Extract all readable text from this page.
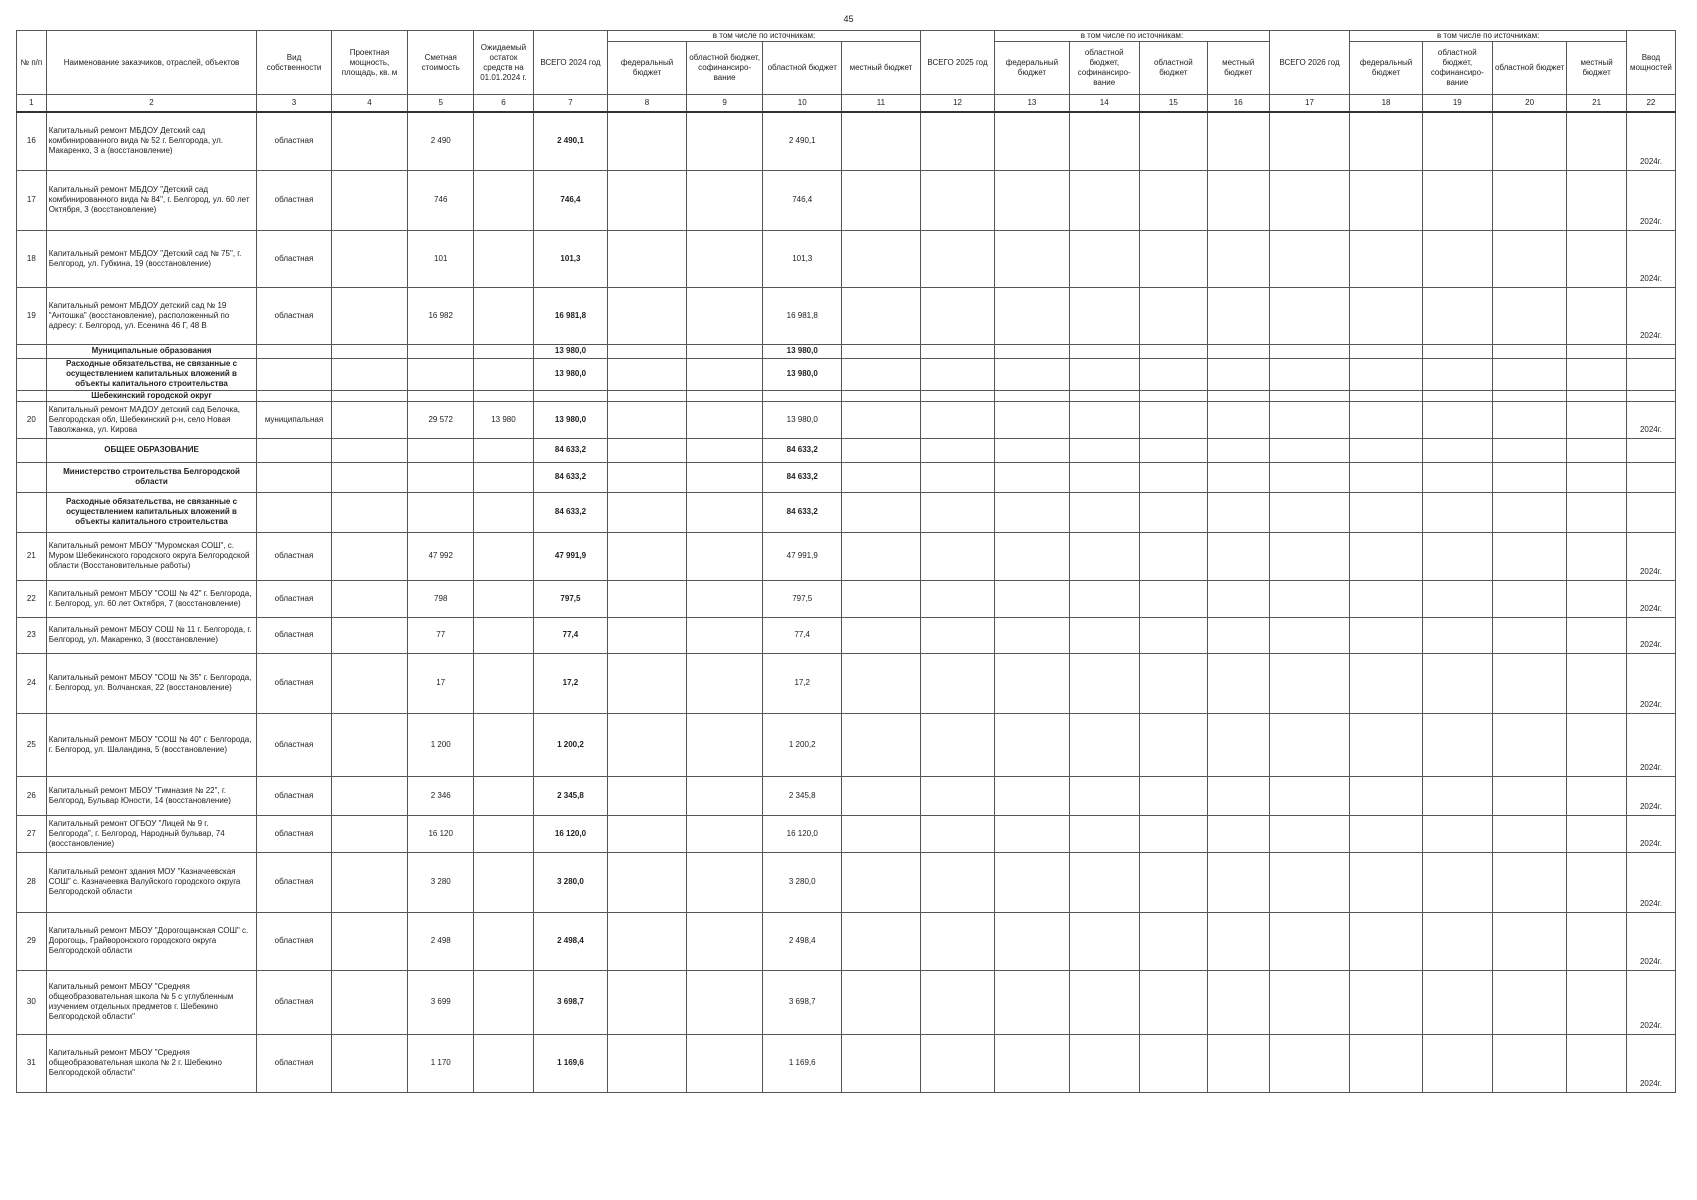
45
№ п/п	Наименование заказчиков, отраслей, объектов	Вид собственности	Проектная мощность, площадь, кв. м	Сметная стоимость	Ожидаемый остаток средств на 01.01.2024 г.	ВСЕГО 2024 год	в том числе по источникам:				ВСЕГО 2025 год	в том числе по источникам:				ВСЕГО 2026 год	в том числе по источникам:				Ввод мощностей
							федеральный бюджет	областной бюджет, софинансиро- вание	областной бюджет	местный бюджет		федеральный бюджет	областной бюджет, софинансиро- вание	областной бюджет	местный бюджет		федеральный бюджет	областной бюджет, софинансиро- вание	областной бюджет	местный бюджет	
1	2	3	4	5	6	7	8	9	10	11	12	13	14	15	16	17	18	19	20	21	22
16	Капитальный ремонт МБДОУ Детский сад комбинированного вида № 52 г. Белгорода, ул. Макаренко, 3 а (восстановление)	областная		2 490		2 490,1			2 490,1												2024г.
17	Капитальный ремонт МБДОУ "Детский сад комбинированного вида № 84", г. Белгород, ул. 60 лет Октября, 3 (восстановление)	областная		746		746,4			746,4												2024г.
18	Капитальный ремонт МБДОУ "Детский сад № 75", г. Белгород, ул. Губкина, 19 (восстановление)	областная		101		101,3			101,3												2024г.
19	Капитальный ремонт МБДОУ детский сад № 19 "Антошка" (восстановление), расположенный по адресу: г. Белгород, ул. Есенина 46 Г, 48 В	областная		16 982		16 981,8			16 981,8												2024г.
	Муниципальные образования					13 980,0			13 980,0												
	Расходные обязательства, не связанные с осуществлением капитальных вложений в объекты капитального строительства					13 980,0			13 980,0												
	Шебекинский городской округ																				
20	Капитальный ремонт МАДОУ детский сад Белочка, Белгородская обл, Шебекинский р-н, село Новая Таволжанка, ул. Кирова	муниципальная		29 572	13 980	13 980,0			13 980,0												2024г.
	ОБЩЕЕ ОБРАЗОВАНИЕ					84 633,2			84 633,2												
	Министерство строительства Белгородской области					84 633,2			84 633,2												
	Расходные обязательства, не связанные с осуществлением капитальных вложений в объекты капитального строительства					84 633,2			84 633,2												
21	Капитальный ремонт МБОУ "Муромская СОШ", с. Муром Шебекинского городского округа Белгородской области (Восстановительные работы)	областная		47 992		47 991,9			47 991,9												2024г.
22	Капитальный ремонт МБОУ "СОШ № 42" г. Белгорода, г. Белгород, ул. 60 лет Октября, 7 (восстановление)	областная		798		797,5			797,5												2024г.
23	Капитальный ремонт МБОУ СОШ № 11 г. Белгорода, г. Белгород, ул. Макаренко, 3 (восстановление)	областная		77		77,4			77,4												2024г.
24	Капитальный ремонт МБОУ "СОШ № 35" г. Белгорода, г. Белгород, ул. Волчанская, 22 (восстановление)	областная		17		17,2			17,2												2024г.
25	Капитальный ремонт МБОУ "СОШ № 40" г. Белгорода, г. Белгород, ул. Шаландина, 5 (восстановление)	областная		1 200		1 200,2			1 200,2												2024г.
26	Капитальный ремонт МБОУ "Гимназия № 22", г. Белгород, Бульвар Юности, 14 (восстановление)	областная		2 346		2 345,8			2 345,8												2024г.
27	Капитальный ремонт ОГБОУ "Лицей № 9 г. Белгорода", г. Белгород, Народный бульвар, 74 (восстановление)	областная		16 120		16 120,0			16 120,0												2024г.
28	Капитальный ремонт здания МОУ "Казначеевская СОШ" с. Казначеевка Валуйского городского округа Белгородской области	областная		3 280		3 280,0			3 280,0												2024г.
29	Капитальный ремонт МБОУ "Дорогощанская СОШ" с. Дорогощь, Грайворонского городского округа Белгородской области	областная		2 498		2 498,4			2 498,4												2024г.
30	Капитальный ремонт МБОУ "Средняя общеобразовательная школа № 5 с углубленным изучением отдельных предметов г. Шебекино Белгородской области"	областная		3 699		3 698,7			3 698,7												2024г.
31	Капитальный ремонт МБОУ "Средняя общеобразовательная школа № 2 г. Шебекино Белгородской области"	областная		1 170		1 169,6			1 169,6												2024г.
